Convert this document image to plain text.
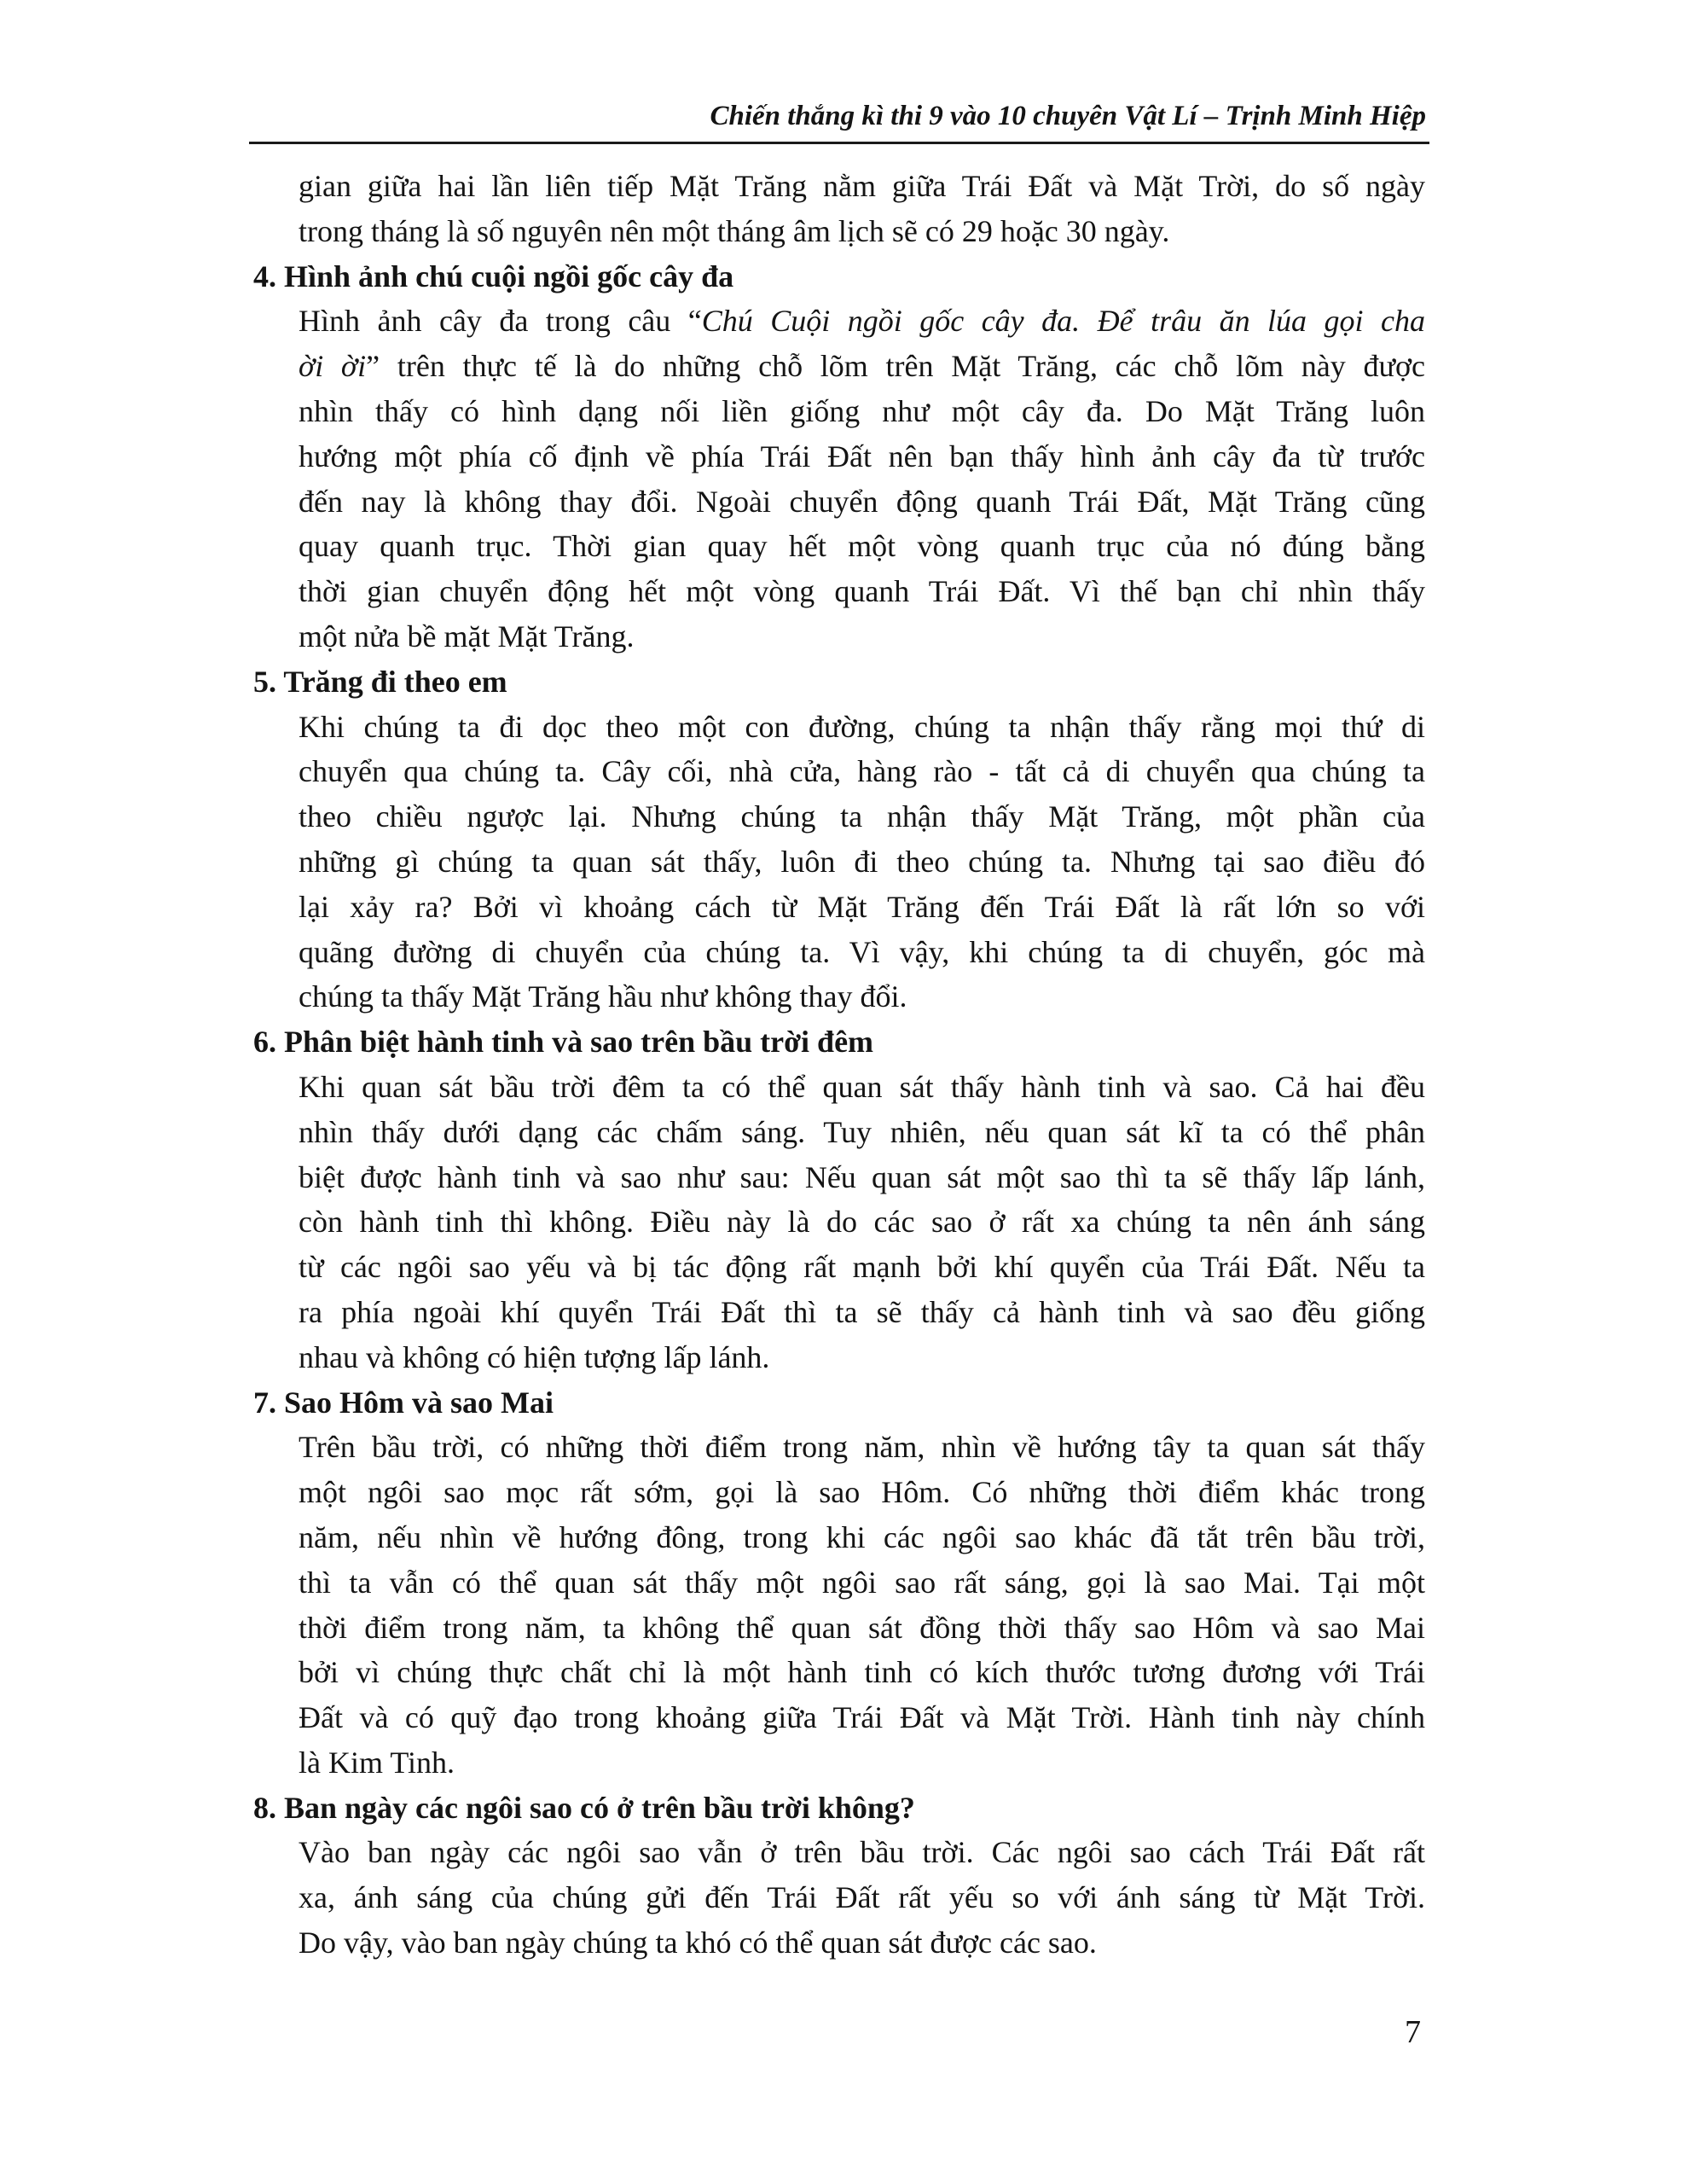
Chiến thắng kì thi 9 vào 10 chuyên Vật Lí – Trịnh Minh Hiệp
gian giữa hai lần liên tiếp Mặt Trăng nằm giữa Trái Đất và Mặt Trời, do số ngày
trong tháng là số nguyên nên một tháng âm lịch sẽ có 29 hoặc 30 ngày.
4. Hình ảnh chú cuội ngồi gốc cây đa
Hình ảnh cây đa trong câu “Chú Cuội ngồi gốc cây đa. Để trâu ăn lúa gọi cha
ời ời” trên thực tế là do những chỗ lõm trên Mặt Trăng, các chỗ lõm này được
nhìn thấy có hình dạng nối liền giống như một cây đa. Do Mặt Trăng luôn
hướng một phía cố định về phía Trái Đất nên bạn thấy hình ảnh cây đa từ trước
đến nay là không thay đổi. Ngoài chuyển động quanh Trái Đất, Mặt Trăng cũng
quay quanh trục. Thời gian quay hết một vòng quanh trục của nó đúng bằng
thời gian chuyển động hết một vòng quanh Trái Đất. Vì thế bạn chỉ nhìn thấy
một nửa bề mặt Mặt Trăng.
5. Trăng đi theo em
Khi chúng ta đi dọc theo một con đường, chúng ta nhận thấy rằng mọi thứ di
chuyển qua chúng ta. Cây cối, nhà cửa, hàng rào - tất cả di chuyển qua chúng ta
theo chiều ngược lại. Nhưng chúng ta nhận thấy Mặt Trăng, một phần của
những gì chúng ta quan sát thấy, luôn đi theo chúng ta. Nhưng tại sao điều đó
lại xảy ra? Bởi vì khoảng cách từ Mặt Trăng đến Trái Đất là rất lớn so với
quãng đường di chuyển của chúng ta. Vì vậy, khi chúng ta di chuyển, góc mà
chúng ta thấy Mặt Trăng hầu như không thay đổi.
6. Phân biệt hành tinh và sao trên bầu trời đêm
Khi quan sát bầu trời đêm ta có thể quan sát thấy hành tinh và sao. Cả hai đều
nhìn thấy dưới dạng các chấm sáng. Tuy nhiên, nếu quan sát kĩ ta có thể phân
biệt được hành tinh và sao như sau: Nếu quan sát một sao thì ta sẽ thấy lấp lánh,
còn hành tinh thì không. Điều này là do các sao ở rất xa chúng ta nên ánh sáng
từ các ngôi sao yếu và bị tác động rất mạnh bởi khí quyển của Trái Đất. Nếu ta
ra phía ngoài khí quyển Trái Đất thì ta sẽ thấy cả hành tinh và sao đều giống
nhau và không có hiện tượng lấp lánh.
7. Sao Hôm và sao Mai
Trên bầu trời, có những thời điểm trong năm, nhìn về hướng tây ta quan sát thấy
một ngôi sao mọc rất sớm, gọi là sao Hôm. Có những thời điểm khác trong
năm, nếu nhìn về hướng đông, trong khi các ngôi sao khác đã tắt trên bầu trời,
thì ta vẫn có thể quan sát thấy một ngôi sao rất sáng, gọi là sao Mai. Tại một
thời điểm trong năm, ta không thể quan sát đồng thời thấy sao Hôm và sao Mai
bởi vì chúng thực chất chỉ là một hành tinh có kích thước tương đương với Trái
Đất và có quỹ đạo trong khoảng giữa Trái Đất và Mặt Trời. Hành tinh này chính
là Kim Tinh.
8. Ban ngày các ngôi sao có ở trên bầu trời không?
Vào ban ngày các ngôi sao vẫn ở trên bầu trời. Các ngôi sao cách Trái Đất rất
xa, ánh sáng của chúng gửi đến Trái Đất rất yếu so với ánh sáng từ Mặt Trời.
Do vậy, vào ban ngày chúng ta khó có thể quan sát được các sao.
7
